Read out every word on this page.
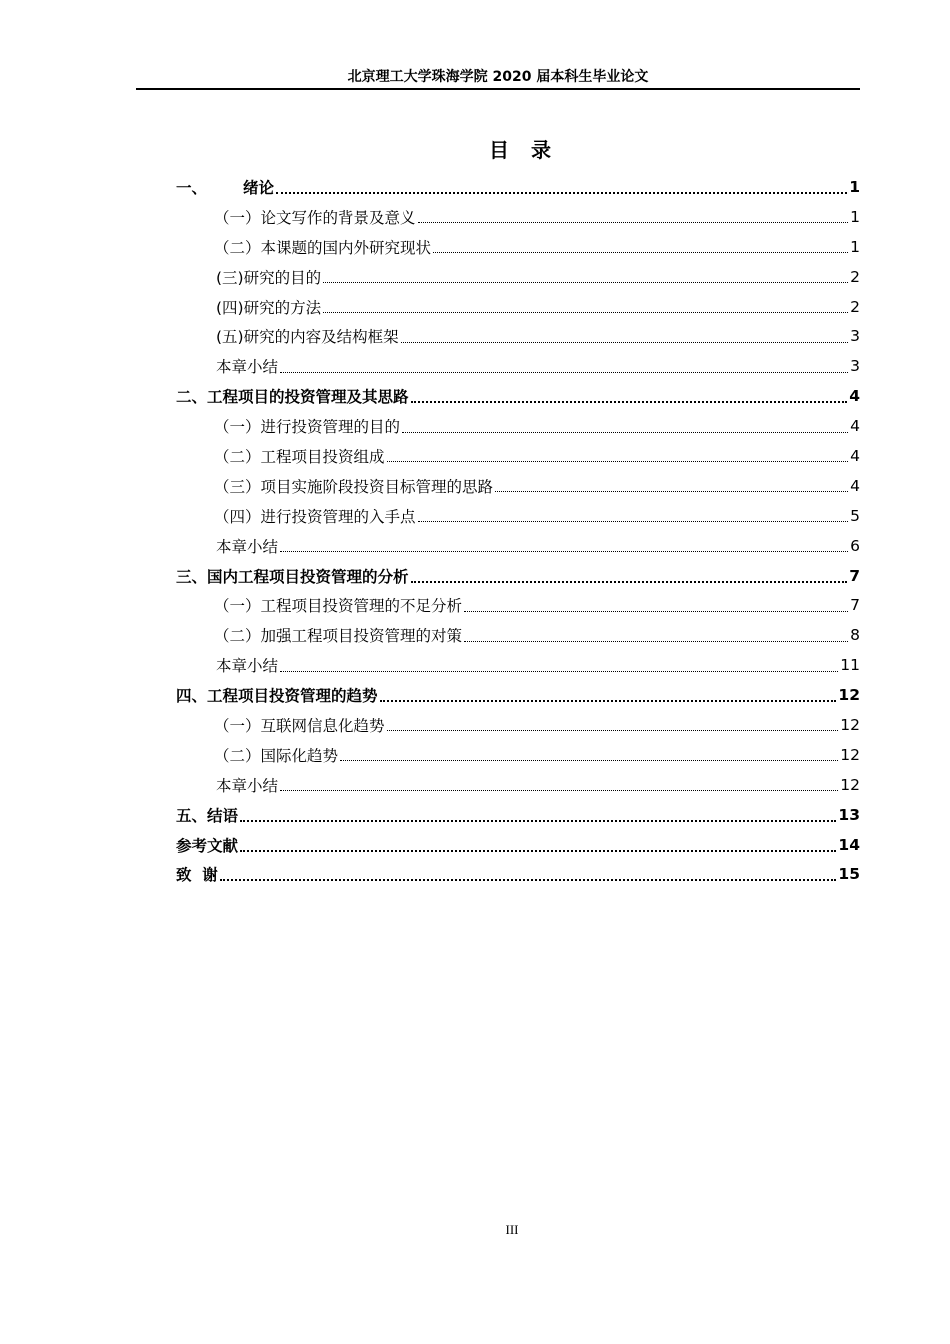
北京理工大学珠海学院 2020 届本科生毕业论文
目 录
一、 绪论	1
（一）论文写作的背景及意义	1
（二）本课题的国内外研究现状	1
(三)研究的目的	2
(四)研究的方法	2
(五)研究的内容及结构框架	3
本章小结	3
二、工程项目的投资管理及其思路	4
（一）进行投资管理的目的	4
（二）工程项目投资组成	4
（三）项目实施阶段投资目标管理的思路	4
（四）进行投资管理的入手点	5
本章小结	6
三、国内工程项目投资管理的分析	7
（一）工程项目投资管理的不足分析	7
（二）加强工程项目投资管理的对策	8
本章小结	11
四、工程项目投资管理的趋势	12
（一）互联网信息化趋势	12
（二）国际化趋势	12
本章小结	12
五、结语	13
参考文献	14
致  谢	15
III
